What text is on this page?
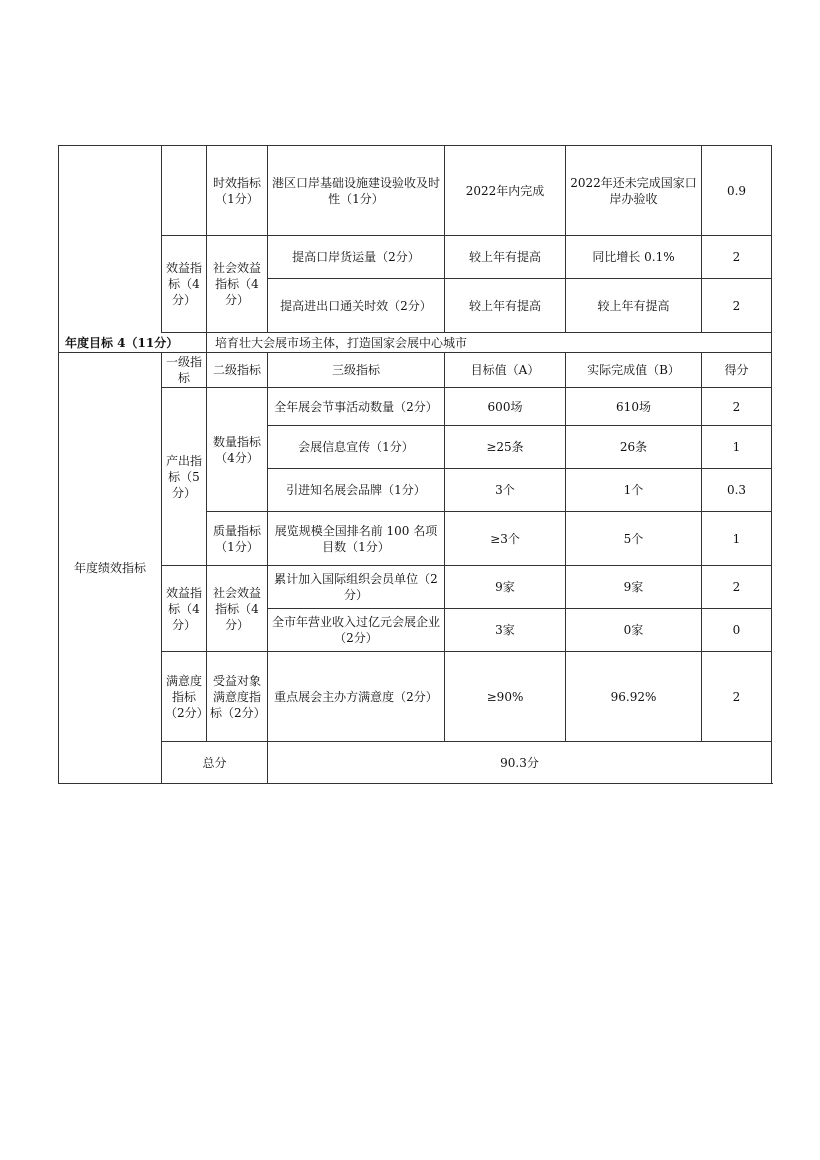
		时效指标（1分）	港区口岸基础设施建设验收及时性（1分）	2022年内完成	2022年还未完成国家口岸办验收	0.9
	效益指标（4分）	社会效益指标（4分）	提高口岸货运量（2分）	较上年有提高	同比增长 0.1%	2
			提高进出口通关时效（2分）	较上年有提高	较上年有提高	2
年度目标 4（11分）		培育壮大会展市场主体，打造国家会展中心城市				
年度绩效指标	一级指标	二级指标	三级指标	目标值（A）	实际完成值（B）	得分
	产出指标（5分）	数量指标（4分）	全年展会节事活动数量（2分）	600场	610场	2
			会展信息宣传（1分）	≥25条	26条	1
			引进知名展会品牌（1分）	3个	1个	0.3
		质量指标（1分）	展览规模全国排名前 100 名项目数（1分）	≥3个	5个	1
	效益指标（4分）	社会效益指标（4分）	累计加入国际组织会员单位（2分）	9家	9家	2
			全市年营业收入过亿元会展企业（2分）	3家	0家	0
	满意度指标（2分）	受益对象满意度指标（2分）	重点展会主办方满意度（2分）	≥90%	96.92%	2
	总分		90.3分			
